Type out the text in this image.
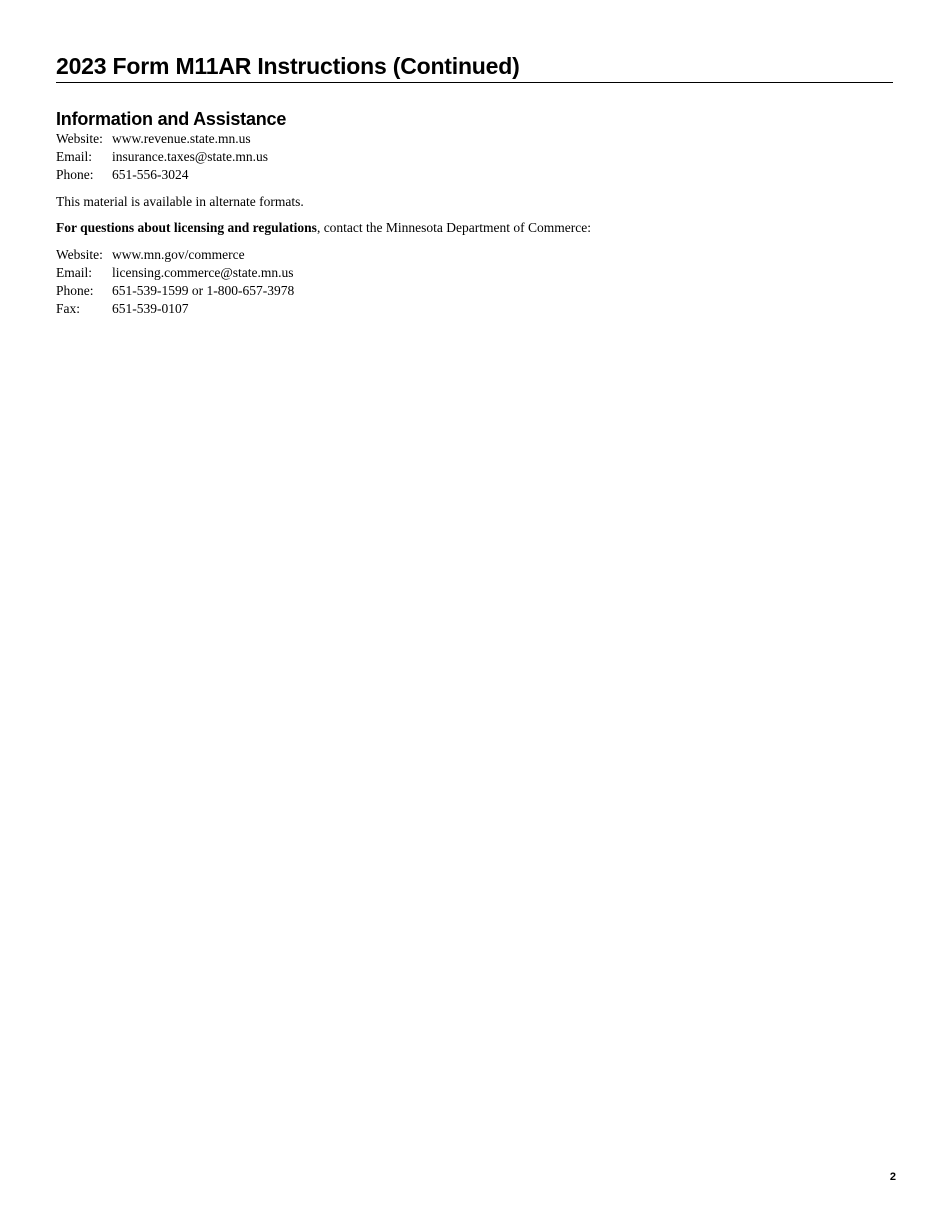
2023 Form M11AR Instructions (Continued)
Information and Assistance
Website: www.revenue.state.mn.us
Email:	insurance.taxes@state.mn.us
Phone:	651-556-3024

This material is available in alternate formats.

For questions about licensing and regulations, contact the Minnesota Department of Commerce:

Website: www.mn.gov/commerce
Email:	licensing.commerce@state.mn.us
Phone:	651-539-1599 or 1-800-657-3978
Fax:	651-539-0107
2
